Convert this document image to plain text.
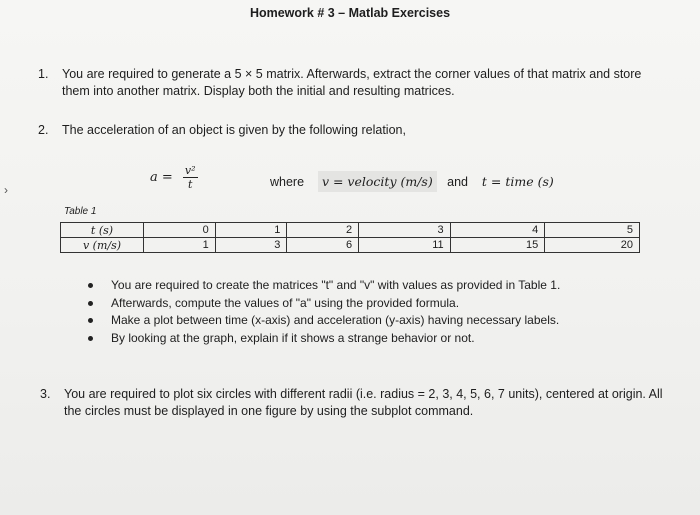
Homework # 3 – Matlab Exercises
1. You are required to generate a 5 × 5 matrix. Afterwards, extract the corner values of that matrix and store them into another matrix. Display both the initial and resulting matrices.
2. The acceleration of an object is given by the following relation,
$a = \frac{\text{v²}}{t}$	where v = velocity (m/s) and t = time (s)
›
Table 1
t (s)	0	1	2	3	4	5
v (m/s)	1	3	6	11	15	20
You are required to create the matrices "t" and "v" with values as provided in Table 1.
Afterwards, compute the values of "a" using the provided formula.
Make a plot between time (x-axis) and acceleration (y-axis) having necessary labels.
By looking at the graph, explain if it shows a strange behavior or not.
3. You are required to plot six circles with different radii (i.e. radius = 2, 3, 4, 5, 6, 7 units), centered at origin. All the circles must be displayed in one figure by using the subplot command.
